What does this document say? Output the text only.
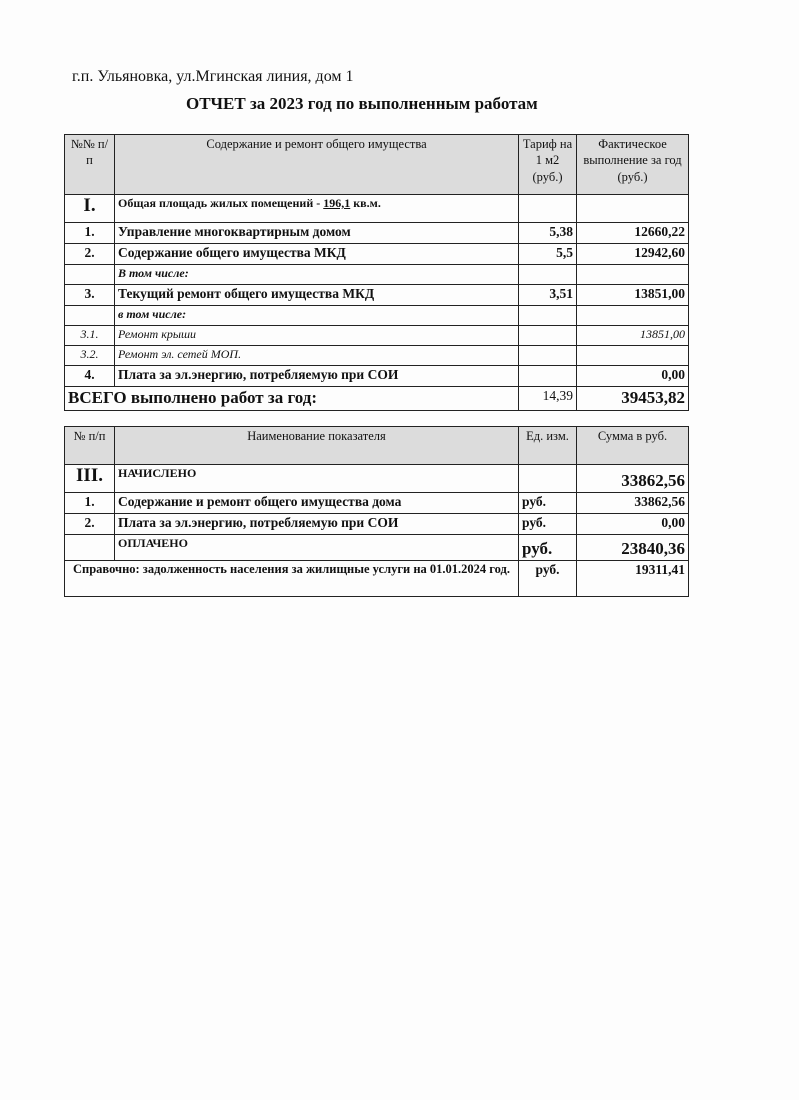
г.п. Ульяновка, ул.Мгинская линия, дом 1
ОТЧЕТ за 2023 год по выполненным работам
№№ п/п	Содержание и ремонт общего имущества	Тариф на 1 м2 (руб.)	Фактическое выполнение за год (руб.)
I.	Общая площадь жилых помещений - 196,1 кв.м.		
1.	Управление многоквартирным домом	5,38	12660,22
2.	Содержание общего имущества МКД	5,5	12942,60
	В том числе:		
3.	Текущий ремонт общего имущества МКД	3,51	13851,00
	в том числе:		
3.1.	Ремонт крыши		13851,00
3.2.	Ремонт эл. сетей МОП.		
4.	Плата за эл.энергию, потребляемую при СОИ		0,00
ВСЕГО выполнено работ за год:		14,39	39453,82
№ п/п	Наименование показателя	Ед. изм.	Сумма в руб.
III.	НАЧИСЛЕНО		33862,56
1.	Содержание и ремонт общего имущества дома	руб.	33862,56
2.	Плата за эл.энергию, потребляемую при СОИ	руб.	0,00
	ОПЛАЧЕНО	руб.	23840,36
Справочно: задолженность населения за жилищные услуги на 01.01.2024 год.		руб.	19311,41
